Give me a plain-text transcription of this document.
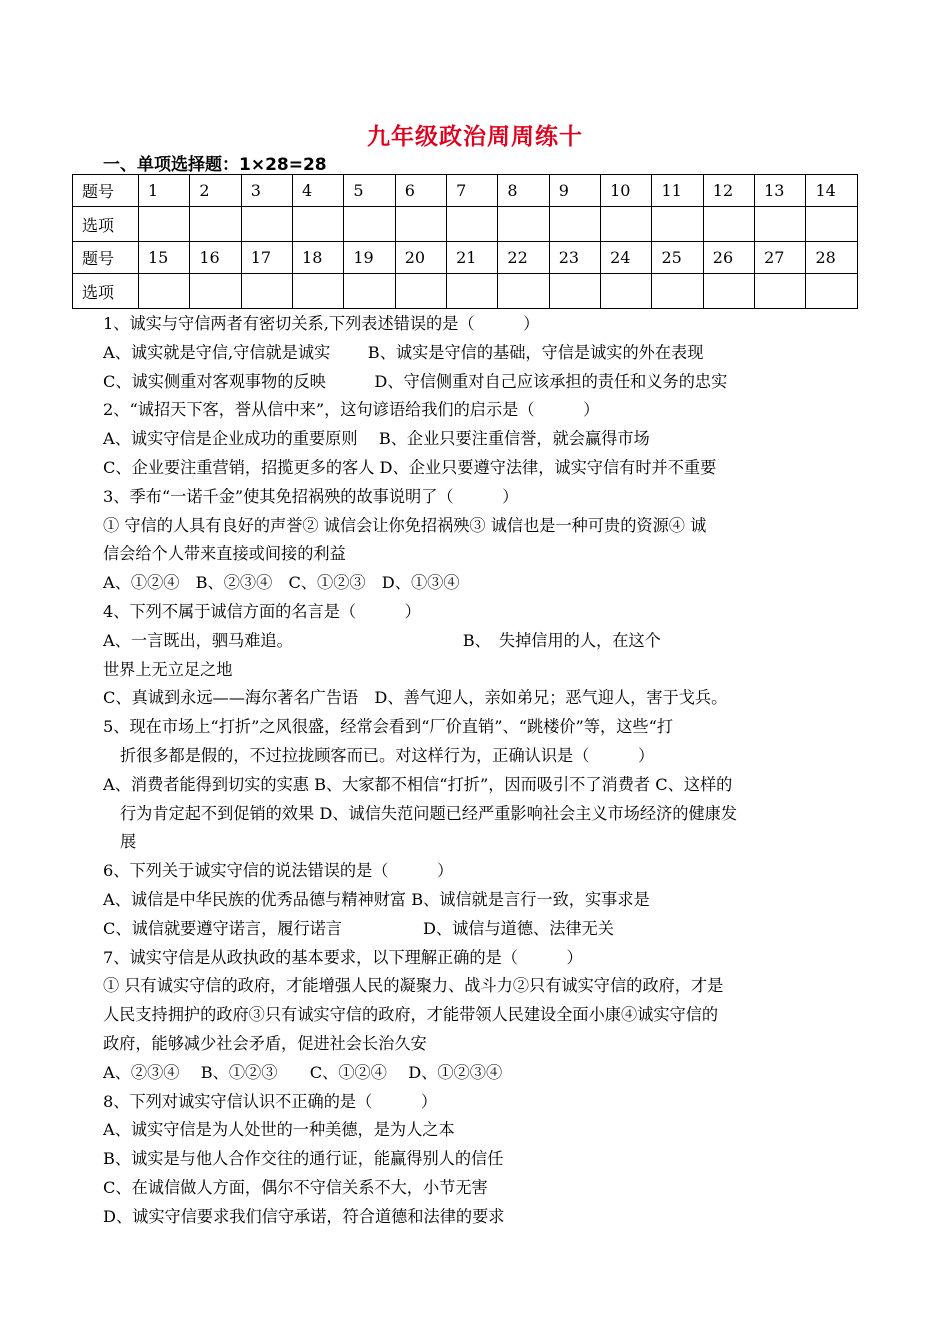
九年级政治周周练十
一、单项选择题：1×28=28
题号	1	2	3	4	5	6	7	8	9	10	11	12	13	14
选项														
题号	15	16	17	18	19	20	21	22	23	24	25	26	27	28
选项														
1、诚实与守信两者有密切关系,下列表述错误的是（　　　）
A、诚实就是守信,守信就是诚实　　 B、诚实是守信的基础，守信是诚实的外在表现
C、诚实侧重对客观事物的反映　　　D、守信侧重对自己应该承担的责任和义务的忠实
2、“诚招天下客，誉从信中来”，这句谚语给我们的启示是（　　　）
A、诚实守信是企业成功的重要原则　 B、企业只要注重信誉，就会赢得市场
C、企业要注重营销，招揽更多的客人 D、企业只要遵守法律，诚实守信有时并不重要
3、季布“一诺千金”使其免招祸殃的故事说明了（　　　）
① 守信的人具有良好的声誉② 诚信会让你免招祸殃③ 诚信也是一种可贵的资源④ 诚
信会给个人带来直接或间接的利益
A、①②④　B、②③④　C、①②③　D、①③④
4、下列不属于诚信方面的名言是（　　　）
A、一言既出，驷马难追。　　　　　　　　　　　B、　失掉信用的人，在这个
世界上无立足之地
C、真诚到永远——海尔著名广告语　D、善气迎人，亲如弟兄；恶气迎人，害于戈兵。
5、现在市场上“打折”之风很盛，经常会看到“厂价直销”、“跳楼价”等，这些“打
折很多都是假的，不过拉拢顾客而已。对这样行为，正确认识是（　　　）
A、消费者能得到切实的实惠 B、大家都不相信“打折”，因而吸引不了消费者 C、这样的
行为肯定起不到促销的效果 D、诚信失范问题已经严重影响社会主义市场经济的健康发
展
6、下列关于诚实守信的说法错误的是（　　　）
A、诚信是中华民族的优秀品德与精神财富 B、诚信就是言行一致，实事求是
C、诚信就要遵守诺言，履行诺言　　　　　D、诚信与道德、法律无关
7、诚实守信是从政执政的基本要求，以下理解正确的是（　　　）
① 只有诚实守信的政府，才能增强人民的凝聚力、战斗力②只有诚实守信的政府，才是
人民支持拥护的政府③只有诚实守信的政府，才能带领人民建设全面小康④诚实守信的
政府，能够减少社会矛盾，促进社会长治久安
A、②③④　 B、①②③　　C、①②④　 D、①②③④
8、下列对诚实守信认识不正确的是（　　　）
A、诚实守信是为人处世的一种美德，是为人之本
B、诚实是与他人合作交往的通行证，能赢得别人的信任
C、在诚信做人方面，偶尔不守信关系不大，小节无害
D、诚实守信要求我们信守承诺，符合道德和法律的要求
